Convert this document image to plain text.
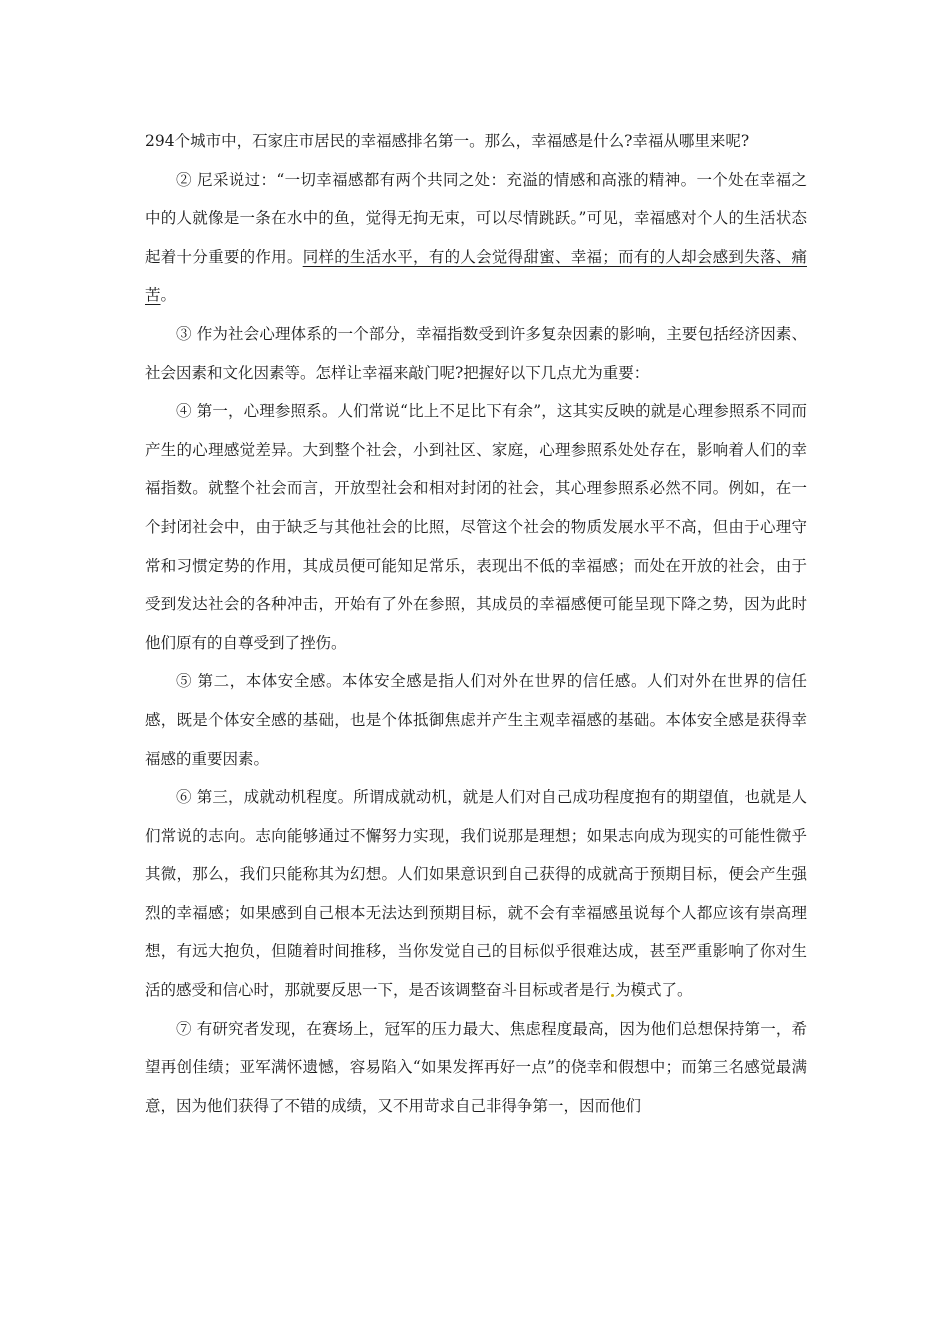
294个城市中，石家庄市居民的幸福感排名第一。那么，幸福感是什么?幸福从哪里来呢?

② 尼采说过：“一切幸福感都有两个共同之处：充溢的情感和高涨的精神。一个处在幸福之中的人就像是一条在水中的鱼，觉得无拘无束，可以尽情跳跃。”可见，幸福感对个人的生活状态起着十分重要的作用。同样的生活水平，有的人会觉得甜蜜、幸福；而有的人却会感到失落、痛苦。

③ 作为社会心理体系的一个部分，幸福指数受到许多复杂因素的影响，主要包括经济因素、社会因素和文化因素等。怎样让幸福来敲门呢?把握好以下几点尤为重要：

④ 第一，心理参照系。人们常说“比上不足比下有余”，这其实反映的就是心理参照系不同而产生的心理感觉差异。大到整个社会，小到社区、家庭，心理参照系处处存在，影响着人们的幸福指数。就整个社会而言，开放型社会和相对封闭的社会，其心理参照系必然不同。例如，在一个封闭社会中，由于缺乏与其他社会的比照，尽管这个社会的物质发展水平不高，但由于心理守常和习惯定势的作用，其成员便可能知足常乐，表现出不低的幸福感；而处在开放的社会，由于受到发达社会的各种冲击，开始有了外在参照，其成员的幸福感便可能呈现下降之势，因为此时他们原有的自尊受到了挫伤。

⑤ 第二，本体安全感。本体安全感是指人们对外在世界的信任感。人们对外在世界的信任感，既是个体安全感的基础，也是个体抵御焦虑并产生主观幸福感的基础。本体安全感是获得幸福感的重要因素。

⑥ 第三，成就动机程度。所谓成就动机，就是人们对自己成功程度抱有的期望值，也就是人们常说的志向。志向能够通过不懈努力实现，我们说那是理想；如果志向成为现实的可能性微乎其微，那么，我们只能称其为幻想。人们如果意识到自己获得的成就高于预期目标，便会产生强烈的幸福感；如果感到自己根本无法达到预期目标，就不会有幸福感虽说每个人都应该有崇高理想，有远大抱负，但随着时间推移，当你发觉自己的目标似乎很难达成，甚至严重影响了你对生活的感受和信心时，那就要反思一下，是否该调整奋斗目标或者是行 为模式了。

⑦ 有研究者发现，在赛场上，冠军的压力最大、焦虑程度最高，因为他们总想保持第一，希望再创佳绩；亚军满怀遗憾，容易陷入“如果发挥再好一点”的侥幸和假想中；而第三名感觉最满意，因为他们获得了不错的成绩，又不用苛求自己非得争第一，因而他们
